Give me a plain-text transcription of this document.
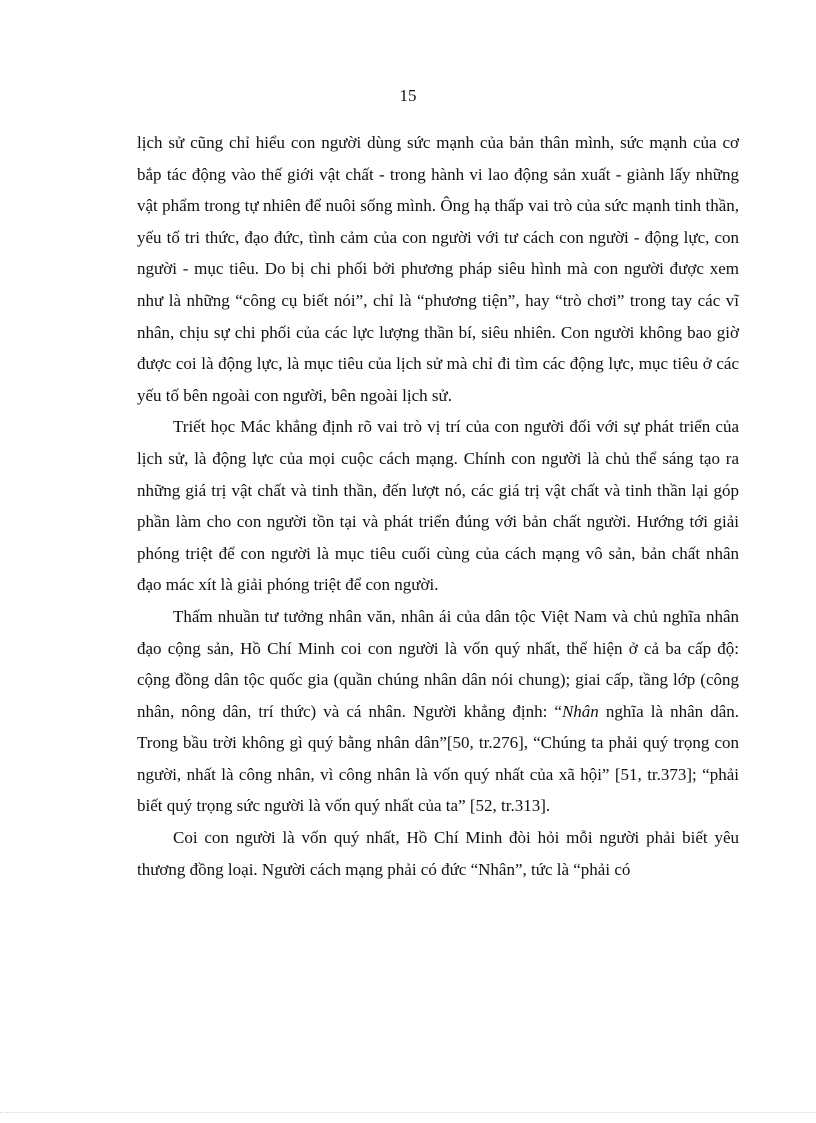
15

lịch sử cũng chỉ hiểu con người dùng sức mạnh của bản thân mình, sức mạnh của cơ bắp tác động vào thế giới vật chất - trong hành vi lao động sản xuất - giành lấy những vật phẩm trong tự nhiên để nuôi sống mình. Ông hạ thấp vai trò của sức mạnh tinh thần, yếu tố tri thức, đạo đức, tình cảm của con người với tư cách con người - động lực, con người - mục tiêu. Do bị chi phối bởi phương pháp siêu hình mà con người được xem như là những “công cụ biết nói”, chỉ là “phương tiện”, hay “trò chơi” trong tay các vĩ nhân, chịu sự chi phối của các lực lượng thần bí, siêu nhiên. Con người không bao giờ được coi là động lực, là mục tiêu của lịch sử mà chỉ đi tìm các động lực, mục tiêu ở các yếu tố bên ngoài con người, bên ngoài lịch sử.

Triết học Mác khẳng định rõ vai trò vị trí của con người đối với sự phát triển của lịch sử, là động lực của mọi cuộc cách mạng. Chính con người là chủ thể sáng tạo ra những giá trị vật chất và tinh thần, đến lượt nó, các giá trị vật chất và tinh thần lại góp phần làm cho con người tồn tại và phát triển đúng với bản chất người. Hướng tới giải phóng triệt để con người là mục tiêu cuối cùng của cách mạng vô sản, bản chất nhân đạo mác xít là giải phóng triệt để con người.

Thấm nhuần tư tưởng nhân văn, nhân ái của dân tộc Việt Nam và chủ nghĩa nhân đạo cộng sản, Hồ Chí Minh coi con người là vốn quý nhất, thể hiện ở cả ba cấp độ: cộng đồng dân tộc quốc gia (quần chúng nhân dân nói chung); giai cấp, tầng lớp (công nhân, nông dân, trí thức) và cá nhân. Người khẳng định: “Nhân nghĩa là nhân dân. Trong bầu trời không gì quý bằng nhân dân”[50, tr.276], “Chúng ta phải quý trọng con người, nhất là công nhân, vì công nhân là vốn quý nhất của xã hội” [51, tr.373]; “phải biết quý trọng sức người là vốn quý nhất của ta” [52, tr.313].

Coi con người là vốn quý nhất, Hồ Chí Minh đòi hỏi mỗi người phải biết yêu thương đồng loại. Người cách mạng phải có đức “Nhân”, tức là “phải có
